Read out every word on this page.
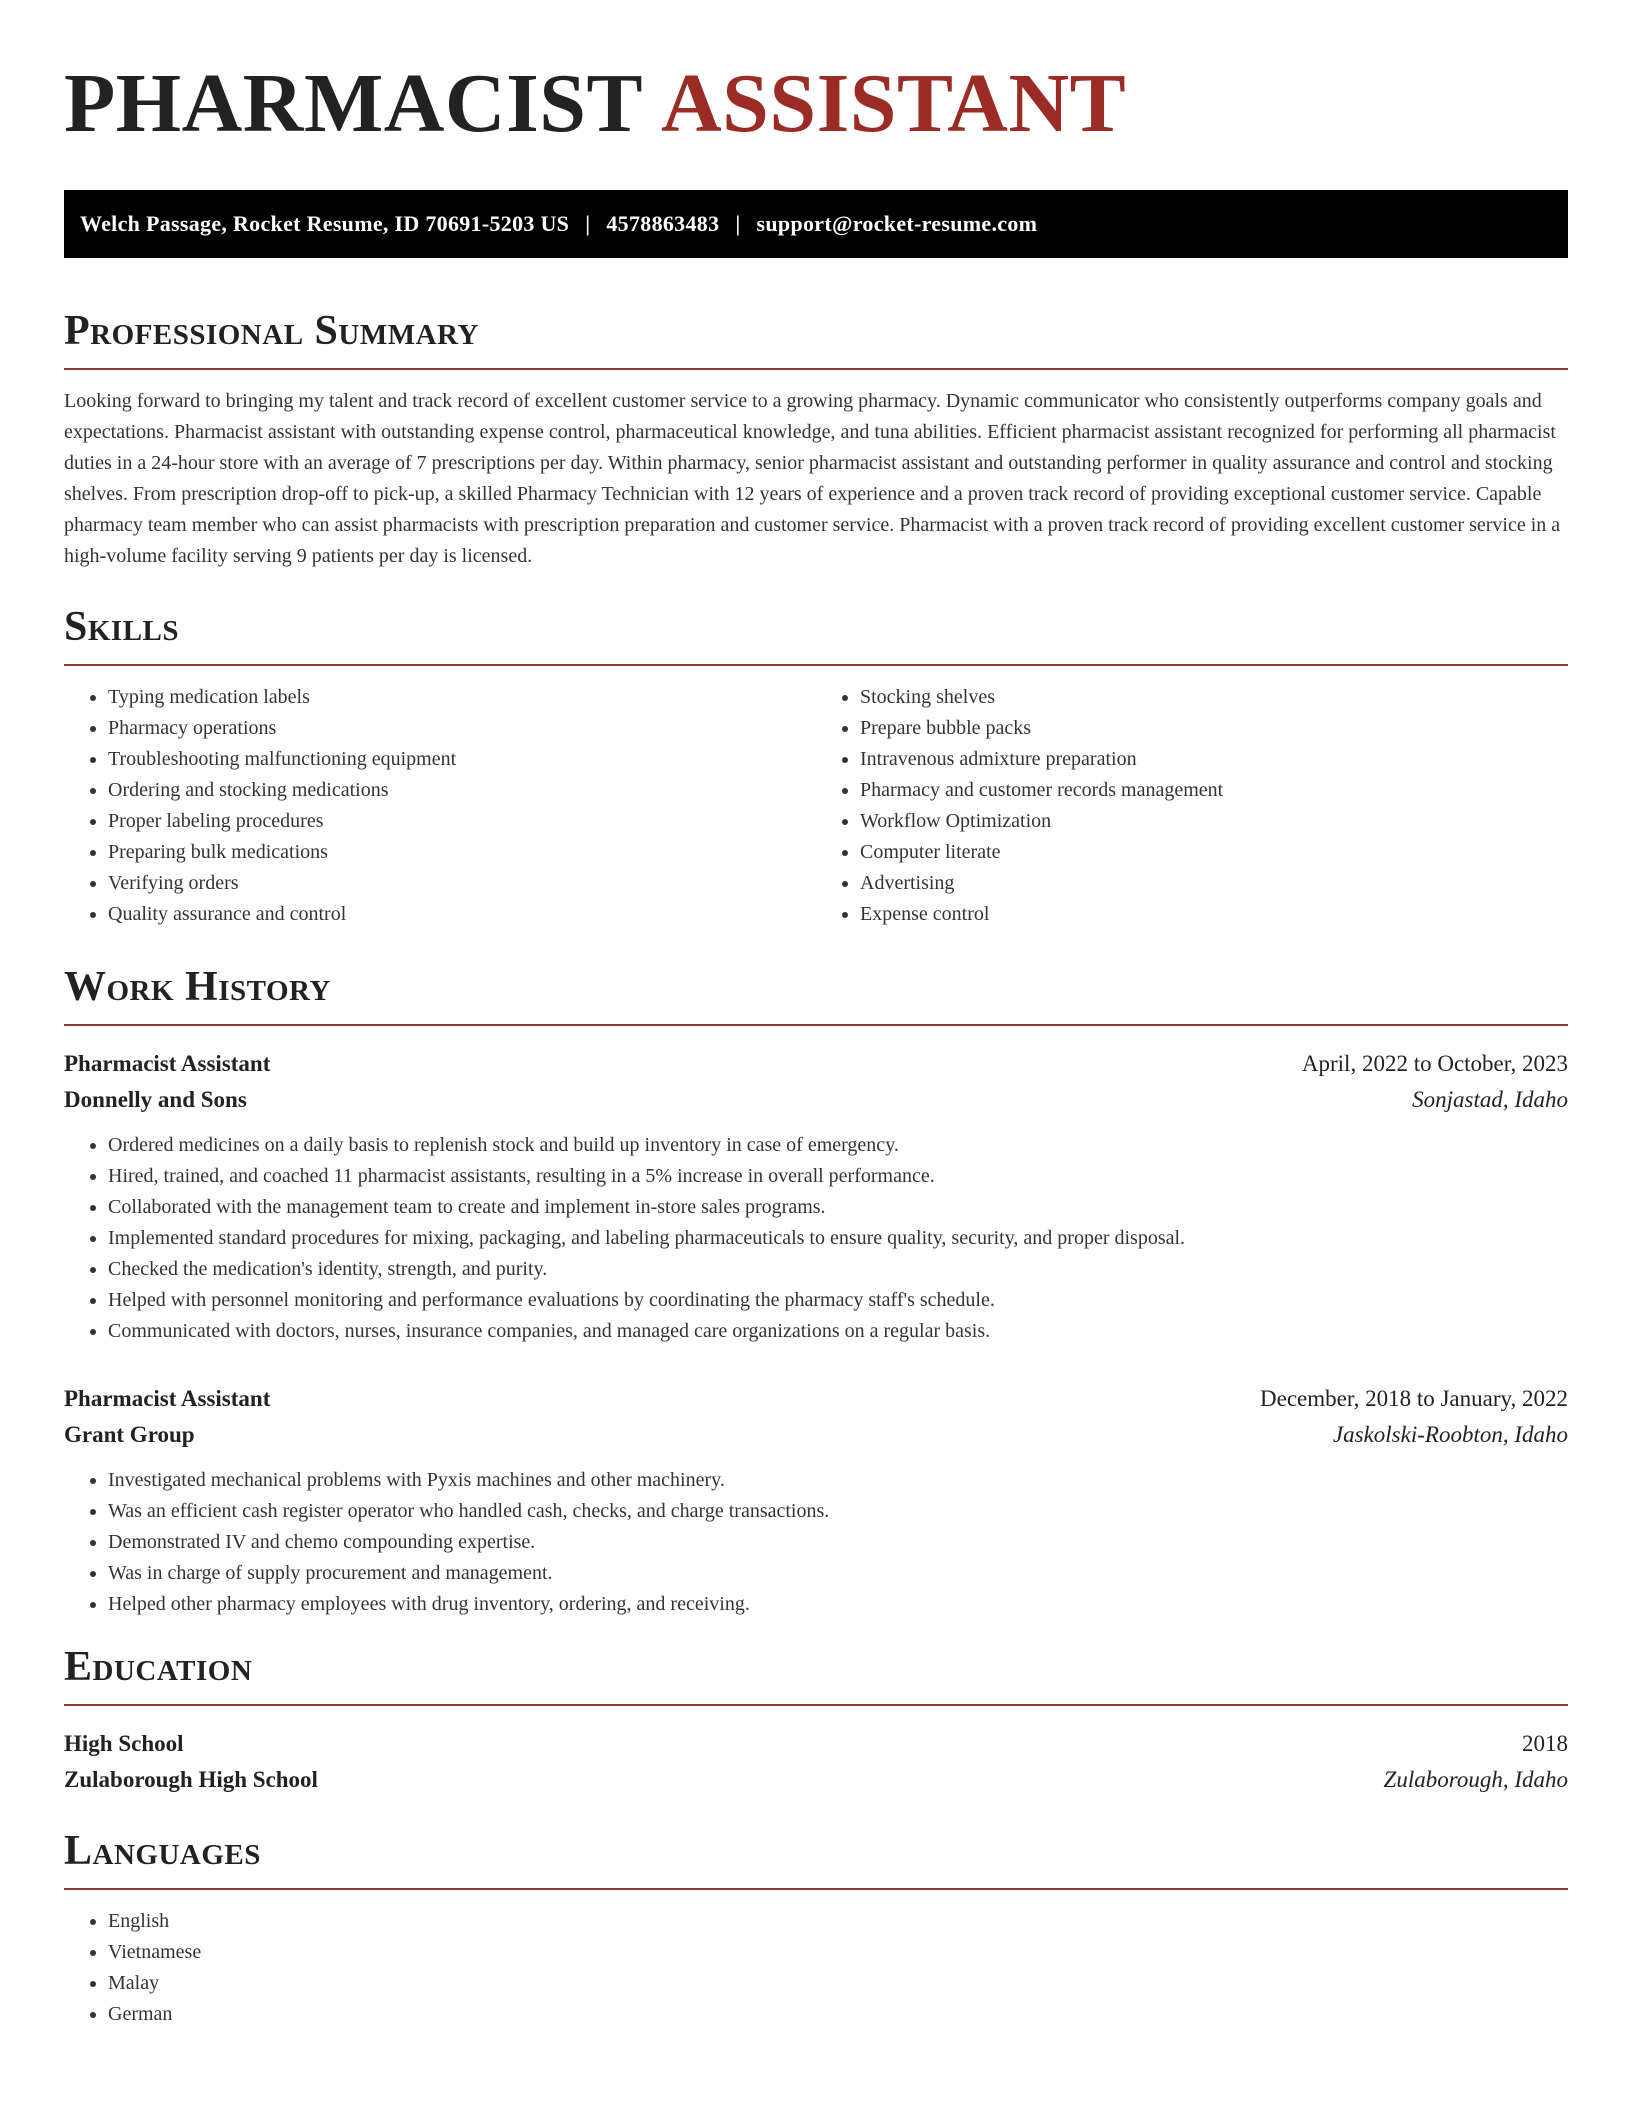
PHARMACIST ASSISTANT
Welch Passage, Rocket Resume, ID 70691-5203 US | 4578863483 | support@rocket-resume.com
Professional Summary

Looking forward to bringing my talent and track record of excellent customer service to a growing pharmacy. Dynamic communicator who consistently outperforms company goals and expectations. Pharmacist assistant with outstanding expense control, pharmaceutical knowledge, and tuna abilities. Efficient pharmacist assistant recognized for performing all pharmacist duties in a 24-hour store with an average of 7 prescriptions per day. Within pharmacy, senior pharmacist assistant and outstanding performer in quality assurance and control and stocking shelves. From prescription drop-off to pick-up, a skilled Pharmacy Technician with 12 years of experience and a proven track record of providing exceptional customer service. Capable pharmacy team member who can assist pharmacists with prescription preparation and customer service. Pharmacist with a proven track record of providing excellent customer service in a high-volume facility serving 9 patients per day is licensed.

Skills
• Typing medication labels
• Pharmacy operations
• Troubleshooting malfunctioning equipment
• Ordering and stocking medications
• Proper labeling procedures
• Preparing bulk medications
• Verifying orders
• Quality assurance and control
• Stocking shelves
• Prepare bubble packs
• Intravenous admixture preparation
• Pharmacy and customer records management
• Workflow Optimization
• Computer literate
• Advertising
• Expense control
Work History
Pharmacist Assistant	April, 2022 to October, 2023
Donnelly and Sons	Sonjastad, Idaho
• Ordered medicines on a daily basis to replenish stock and build up inventory in case of emergency.
• Hired, trained, and coached 11 pharmacist assistants, resulting in a 5% increase in overall performance.
• Collaborated with the management team to create and implement in-store sales programs.
• Implemented standard procedures for mixing, packaging, and labeling pharmaceuticals to ensure quality, security, and proper disposal.
• Checked the medication's identity, strength, and purity.
• Helped with personnel monitoring and performance evaluations by coordinating the pharmacy staff's schedule.
• Communicated with doctors, nurses, insurance companies, and managed care organizations on a regular basis.
Pharmacist Assistant	December, 2018 to January, 2022
Grant Group	Jaskolski-Roobton, Idaho
• Investigated mechanical problems with Pyxis machines and other machinery.
• Was an efficient cash register operator who handled cash, checks, and charge transactions.
• Demonstrated IV and chemo compounding expertise.
• Was in charge of supply procurement and management.
• Helped other pharmacy employees with drug inventory, ordering, and receiving.
Education
High School	2018
Zulaborough High School	Zulaborough, Idaho
Languages
• English
• Vietnamese
• Malay
• German
